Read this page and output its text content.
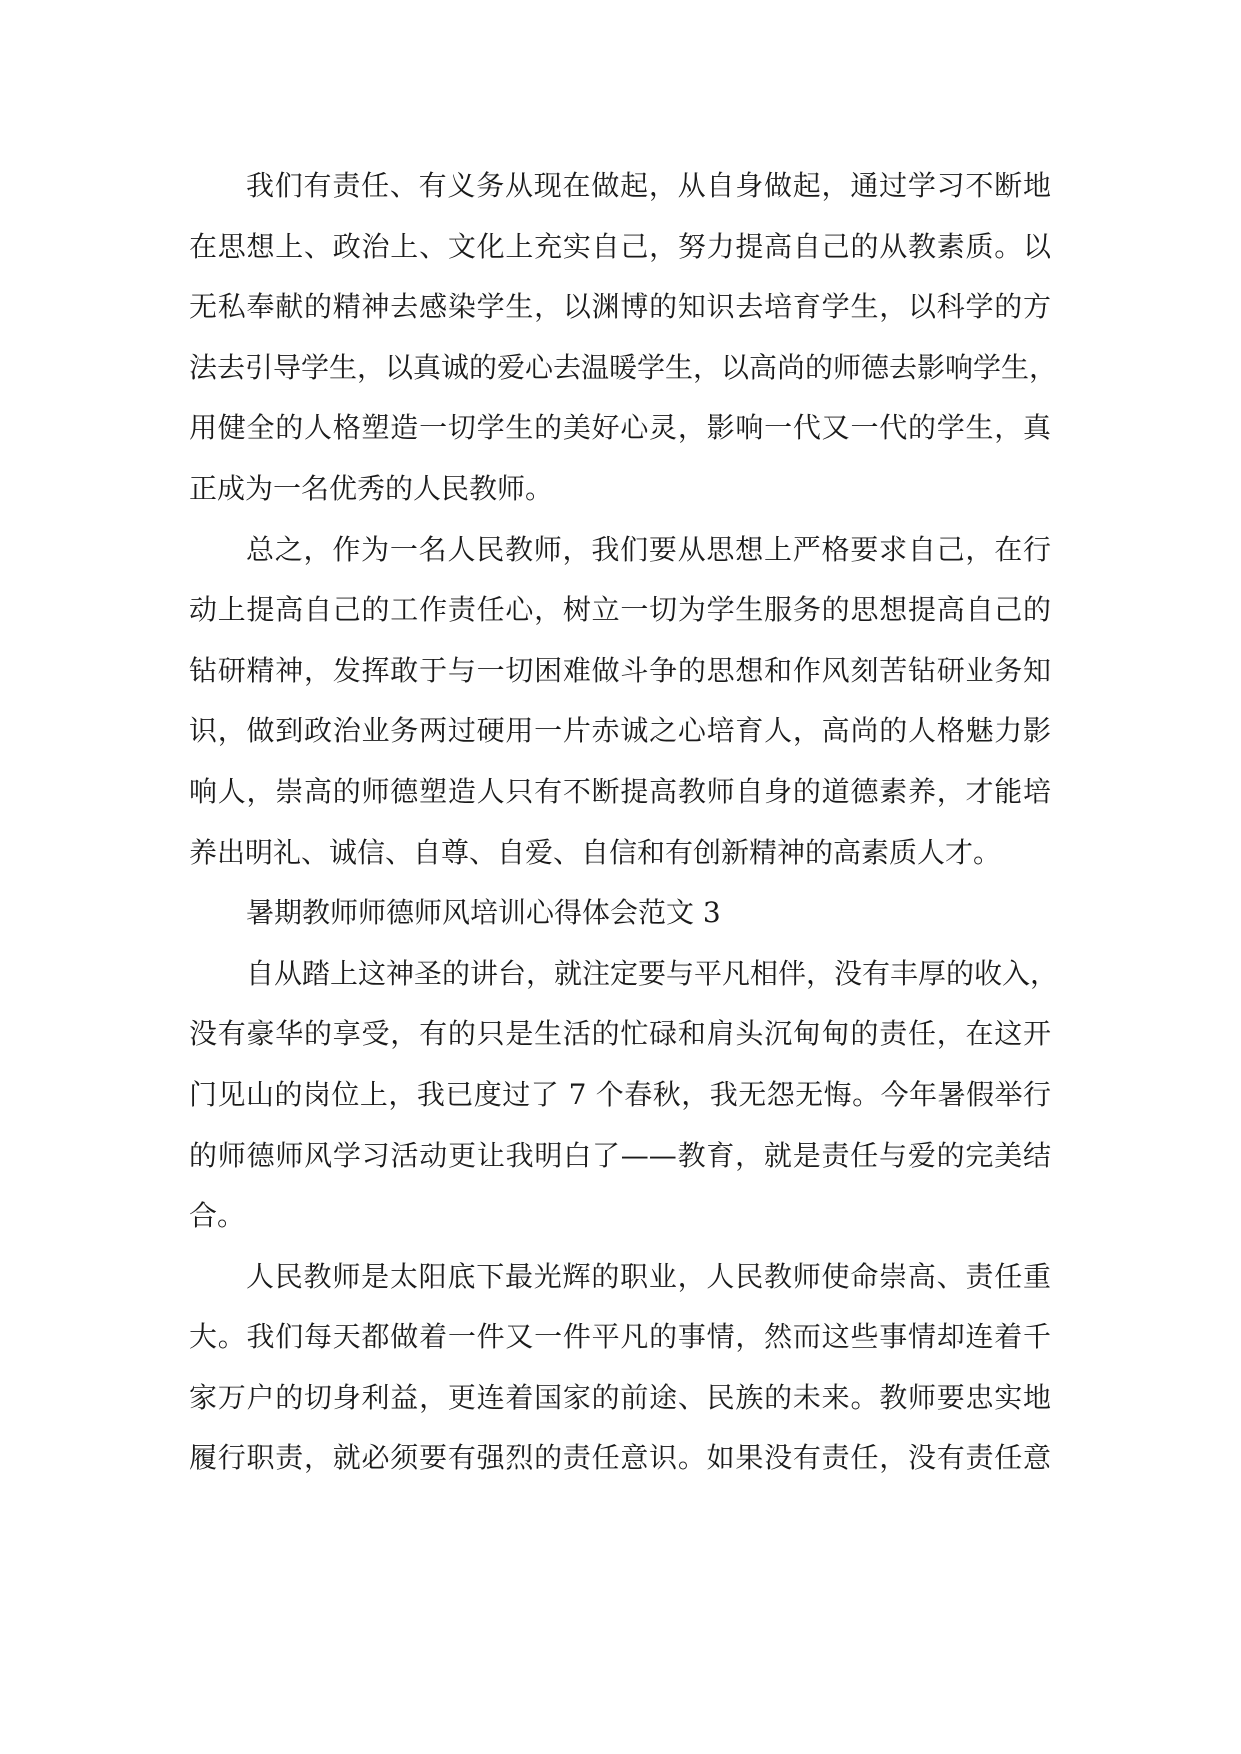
我们有责任、有义务从现在做起，从自身做起，通过学习不断地
在思想上、政治上、文化上充实自己，努力提高自己的从教素质。以
无私奉献的精神去感染学生，以渊博的知识去培育学生，以科学的方
法去引导学生，以真诚的爱心去温暖学生，以高尚的师德去影响学生，
用健全的人格塑造一切学生的美好心灵，影响一代又一代的学生，真
正成为一名优秀的人民教师。
总之，作为一名人民教师，我们要从思想上严格要求自己，在行
动上提高自己的工作责任心，树立一切为学生服务的思想提高自己的
钻研精神，发挥敢于与一切困难做斗争的思想和作风刻苦钻研业务知
识，做到政治业务两过硬用一片赤诚之心培育人，高尚的人格魅力影
响人，崇高的师德塑造人只有不断提高教师自身的道德素养，才能培
养出明礼、诚信、自尊、自爱、自信和有创新精神的高素质人才。
暑期教师师德师风培训心得体会范文 3
自从踏上这神圣的讲台，就注定要与平凡相伴，没有丰厚的收入，
没有豪华的享受，有的只是生活的忙碌和肩头沉甸甸的责任，在这开
门见山的岗位上，我已度过了 7 个春秋，我无怨无悔。今年暑假举行
的师德师风学习活动更让我明白了——教育，就是责任与爱的完美结
合。
人民教师是太阳底下最光辉的职业，人民教师使命崇高、责任重
大。我们每天都做着一件又一件平凡的事情，然而这些事情却连着千
家万户的切身利益，更连着国家的前途、民族的未来。教师要忠实地
履行职责，就必须要有强烈的责任意识。如果没有责任，没有责任意
